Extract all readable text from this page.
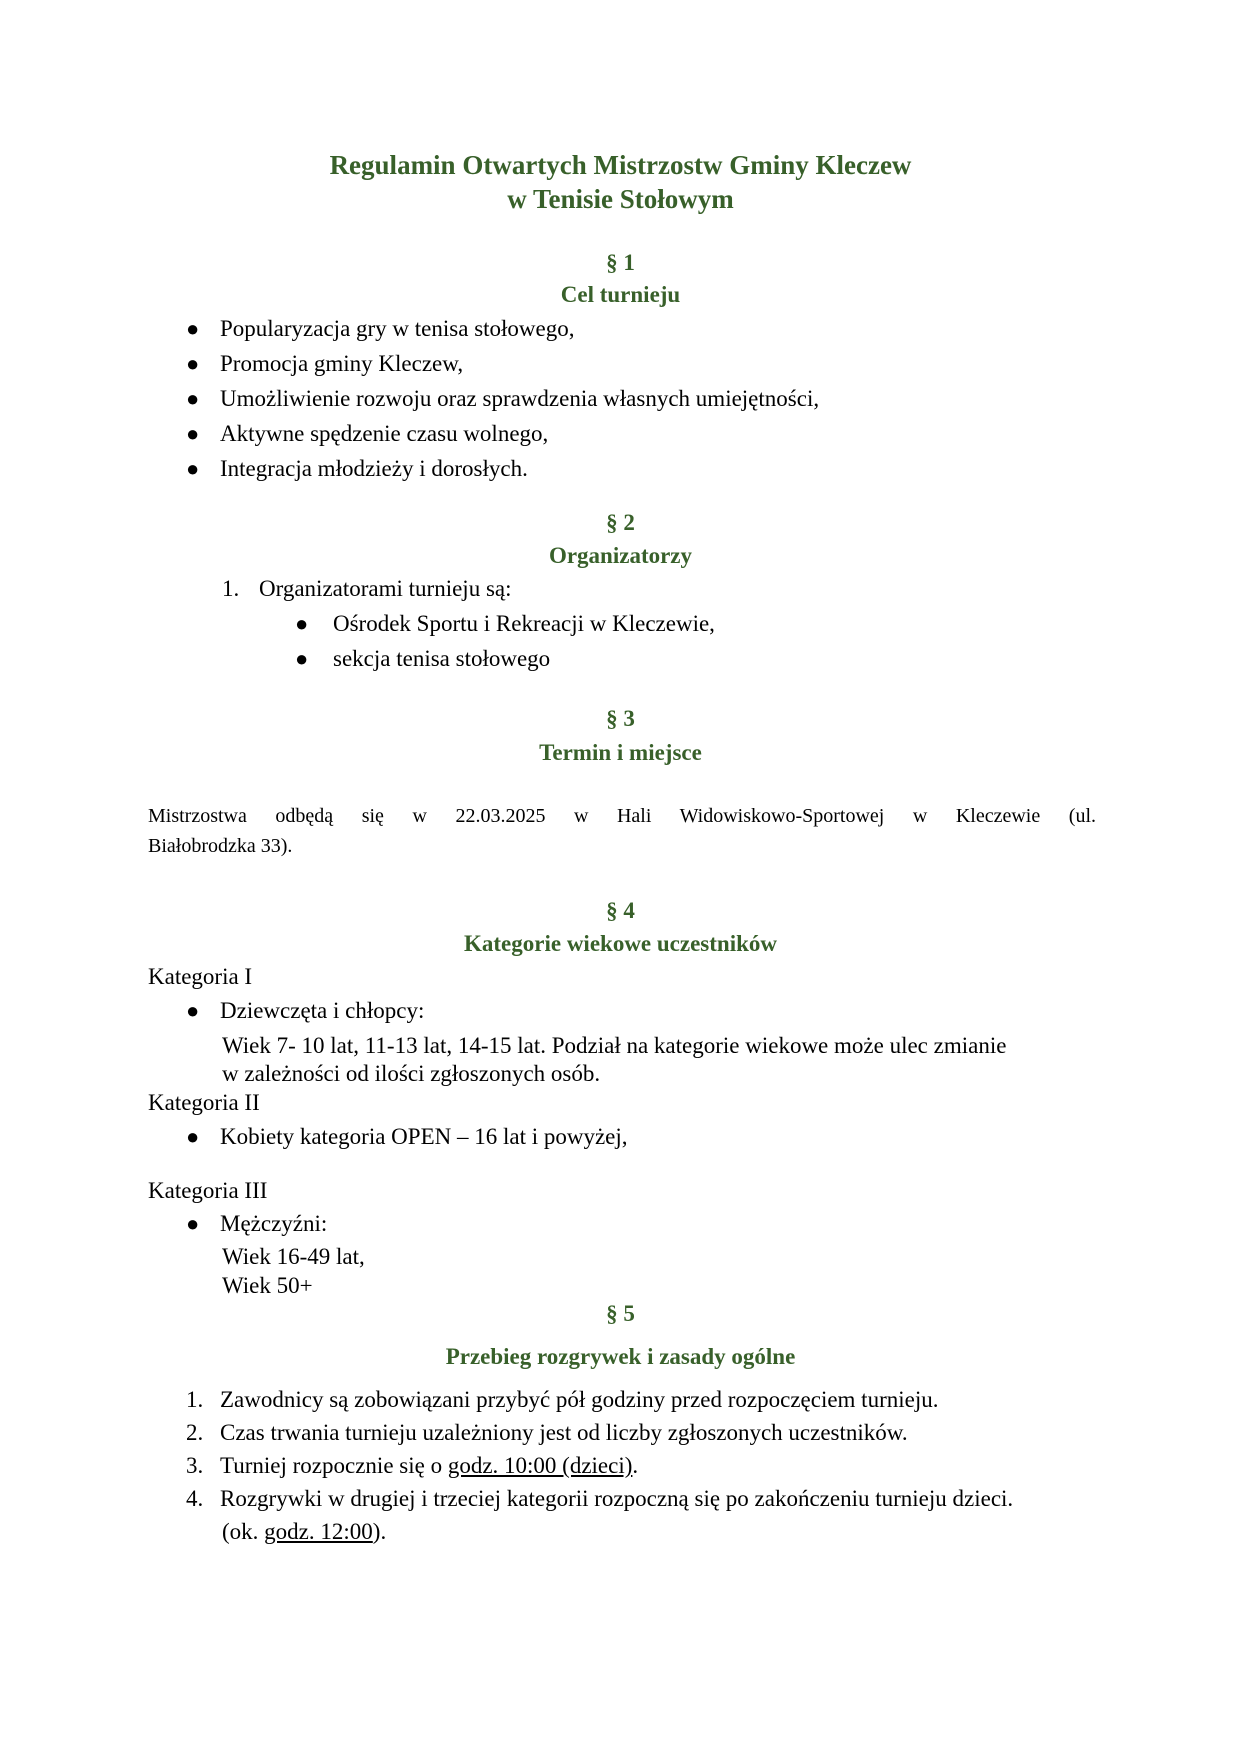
Regulamin Otwartych Mistrzostw Gminy Kleczew
w Tenisie Stołowym
§ 1
Cel turnieju
● Popularyzacja gry w tenisa stołowego,
● Promocja gminy Kleczew,
● Umożliwienie rozwoju oraz sprawdzenia własnych umiejętności,
● Aktywne spędzenie czasu wolnego,
● Integracja młodzieży i dorosłych.
§ 2
Organizatorzy
1. Organizatorami turnieju są:
● Ośrodek Sportu i Rekreacji w Kleczewie,
● sekcja tenisa stołowego
§ 3
Termin i miejsce
Mistrzostwa odbędą się w 22.03.2025 w Hali Widowiskowo-Sportowej w Kleczewie (ul.
Białobrodzka 33).
§ 4
Kategorie wiekowe uczestników
Kategoria I
● Dziewczęta i chłopcy:
Wiek 7- 10 lat, 11-13 lat, 14-15 lat. Podział na kategorie wiekowe może ulec zmianie
w zależności od ilości zgłoszonych osób.
Kategoria II
● Kobiety kategoria OPEN – 16 lat i powyżej,
Kategoria III
● Mężczyźni:
Wiek 16-49 lat,
Wiek 50+
§ 5
Przebieg rozgrywek i zasady ogólne
1. Zawodnicy są zobowiązani przybyć pół godziny przed rozpoczęciem turnieju.
2. Czas trwania turnieju uzależniony jest od liczby zgłoszonych uczestników.
3. Turniej rozpocznie się o godz. 10:00 (dzieci).
4. Rozgrywki w drugiej i trzeciej kategorii rozpoczną się po zakończeniu turnieju dzieci.
(ok. godz. 12:00).
